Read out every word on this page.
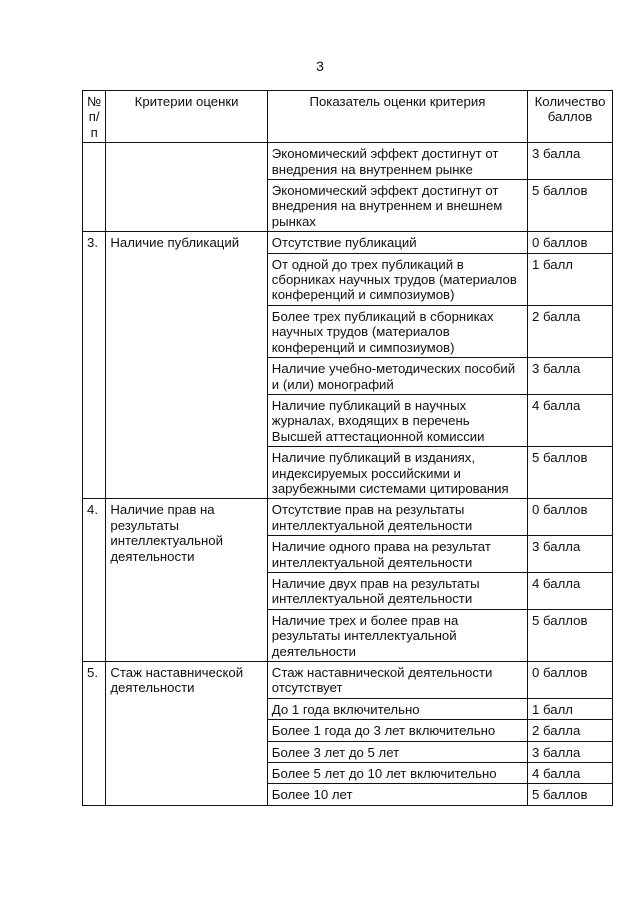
3
№ п/п	Критерии оценки	Показатель оценки критерия	Количество баллов

		Экономический эффект достигнут от внедрения на внутреннем рынке	3 балла
		Экономический эффект достигнут от внедрения на внутреннем и внешнем рынках	5 баллов
3.	Наличие публикаций	Отсутствие публикаций	0 баллов
		От одной до трех публикаций в сборниках научных трудов (материалов конференций и симпозиумов)	1 балл
		Более трех публикаций в сборниках научных трудов (материалов конференций и симпозиумов)	2 балла
		Наличие учебно-методических пособий и (или) монографий	3 балла
		Наличие публикаций в научных журналах, входящих в перечень Высшей аттестационной комиссии	4 балла
		Наличие публикаций в изданиях, индексируемых российскими и зарубежными системами цитирования	5 баллов
4.	Наличие прав на результаты интеллектуальной деятельности	Отсутствие прав на результаты интеллектуальной деятельности	0 баллов
		Наличие одного права на результат интеллектуальной деятельности	3 балла
		Наличие двух прав на результаты интеллектуальной деятельности	4 балла
		Наличие трех и более прав на результаты интеллектуальной деятельности	5 баллов
5.	Стаж наставнической деятельности	Стаж наставнической деятельности отсутствует	0 баллов
		До 1 года включительно	1 балл
		Более 1 года до 3 лет включительно	2 балла
		Более 3 лет до 5 лет	3 балла
		Более 5 лет до 10 лет включительно	4 балла
		Более 10 лет	5 баллов
